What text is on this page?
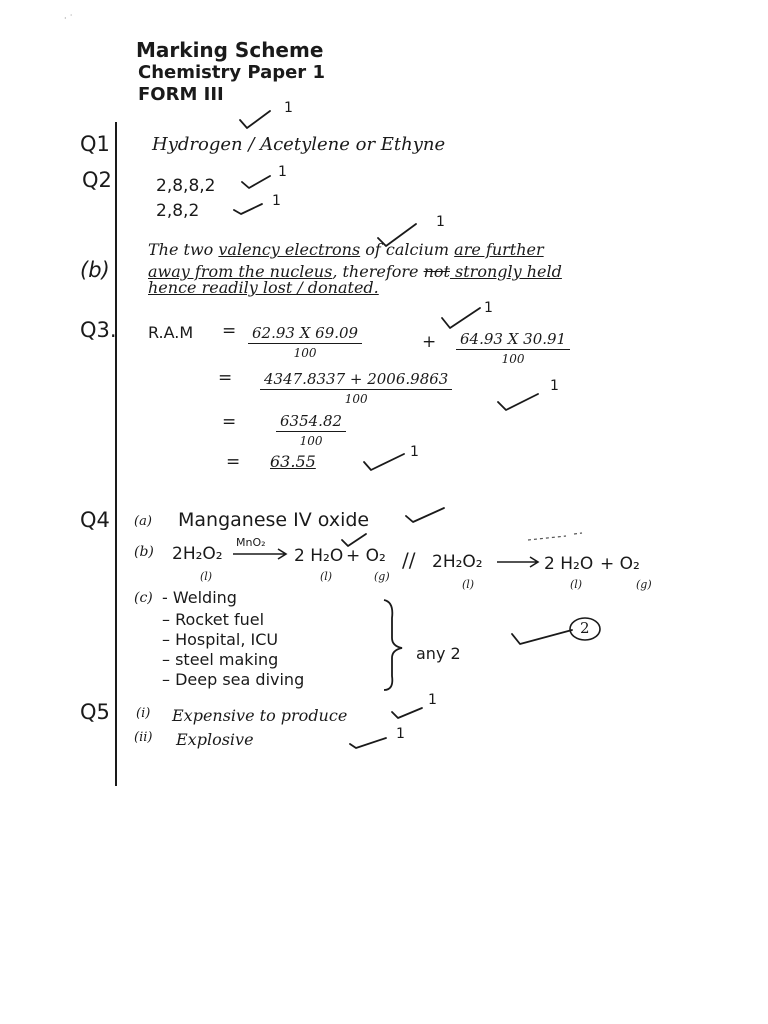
· ˙
Marking Scheme
Chemistry Paper 1
FORM III
Q1 Hydrogen / Acetylene or Ethyne
1
Q2	2,8,8,2
1
2,8,2	1
(b)
The two valency electrons of calcium are further
1
away from the nucleus, therefore not strongly held
hence readily lost / donated.
Q3. R.A.M = 62.93 X 69.09
100
+ 64.93 X 30.91
100
1
= 4347.8337 + 2006.9863
100
1
=	6354.82
100
= 63.55	1
Q4 (a) Manganese IV oxide
(b) 2H₂O₂
MnO₂
→ 2 H₂O + O₂
(l)	(l)	(g)
// 2H₂O₂ → 2 H₂O + O₂
(l)	(l)	(g)
(c) - Welding
– Rocket fuel
– Hospital, ICU
– steel making
– Deep sea diving
any 2
2
Q5 (i) Expensive to produce
1
(ii) Explosive	1
